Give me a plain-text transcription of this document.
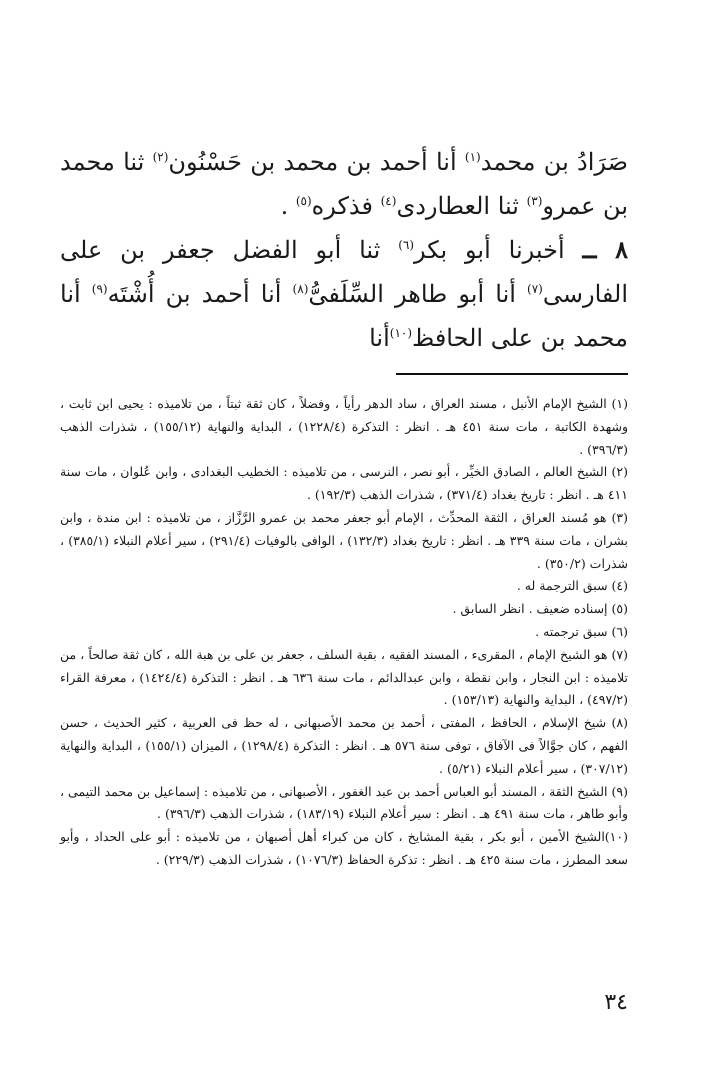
صَرَادُ بن محمد$^{(١)}$ أنا أحمد بن محمد بن حَسْنُون$^{(٢)}$ ثنا محمد بن عمرو$^{(٣)}$ ثنا العطاردى$^{(٤)}$ فذكره$^{(٥)}$ .

٨ ــ أخبرنا أبو بكر$^{(٦)}$ ثنا أبو الفضل جعفر بن على الفارسى$^{(٧)}$ أنا أبو طاهر السِّلَفىُّ$^{(٨)}$ أنا أحمد بن أُشْتَه$^{(٩)}$ أنا محمد بن على الحافظ$^{(١٠)}$أنا

(١) الشيخ الإمام الأنبل ، مسند العراق ، ساد الدهر رأياً ، وفضلاً ، كان ثقة ثبتاً ، من تلاميذه : يحيى ابن ثابت ، وشهدة الكاتبة ، مات سنة ٤٥١ هـ . انظر : التذكرة (١٢٢٨/٤) ، البداية والنهاية (١٥٥/١٢) ، شذرات الذهب (٣٩٦/٣) .

(٢) الشيخ العالم ، الصادق الخيِّر ، أبو نصر ، النرسى ، من تلاميذه : الخطيب البغدادى ، وابن عُلوان ، مات سنة ٤١١ هـ . انظر : تاريخ بغداد (٣٧١/٤) ، شذرات الذهب (١٩٢/٣) .

(٣) هو مُسند العراق ، الثقة المحدِّث ، الإمام أبو جعفر محمد بن عمرو الرَّزَّاز ، من تلاميذه : ابن مندة ، وابن بشران ، مات سنة ٣٣٩ هـ . انظر : تاريخ بغداد (١٣٢/٣) ، الوافى بالوفيات (٢٩١/٤) ، سير أعلام النبلاء (٣٨٥/١) ، شذرات (٣٥٠/٢) .

(٤) سبق الترجمة له .

(٥) إسناده ضعيف . انظر السابق .

(٦) سبق ترجمته .

(٧) هو الشيخ الإمام ، المقرىء ، المسند الفقيه ، بقية السلف ، جعفر بن على بن هبة الله ، كان ثقة صالحاً ، من تلاميذه : ابن النجار ، وابن نقطة ، وابن عبدالدائم ، مات سنة ٦٣٦ هـ . انظر : التذكرة (١٤٢٤/٤) ، معرفة القراء (٤٩٧/٢) ، البداية والنهاية (١٥٣/١٣) .

(٨) شيخ الإسلام ، الحافظ ، المفتى ، أحمد بن محمد الأصبهانى ، له حظ فى العربية ، كثير الحديث ، حسن الفهم ، كان جوَّالاً فى الآفاق ، توفى سنة ٥٧٦ هـ . انظر : التذكرة (١٢٩٨/٤) ، الميزان (١٥٥/١) ، البداية والنهاية (٣٠٧/١٢) ، سير أعلام النبلاء (٥/٢١) .

(٩) الشيخ الثقة ، المسند أبو العباس أحمد بن عبد الغفور ، الأصبهانى ، من تلاميذه : إسماعيل بن محمد التيمى ، وأبو طاهر ، مات سنة ٤٩١ هـ . انظر : سير أعلام النبلاء (١٨٣/١٩) ، شذرات الذهب (٣٩٦/٣) .

(١٠)الشيخ الأمين ، أبو بكر ، بقية المشايخ ، كان من كبراء أهل أصبهان ، من تلاميذه : أبو على الحداد ، وأبو سعد المطرز ، مات سنة ٤٢٥ هـ . انظر : تذكرة الحفاظ (١٠٧٦/٣) ، شذرات الذهب (٢٢٩/٣) .

٣٤
